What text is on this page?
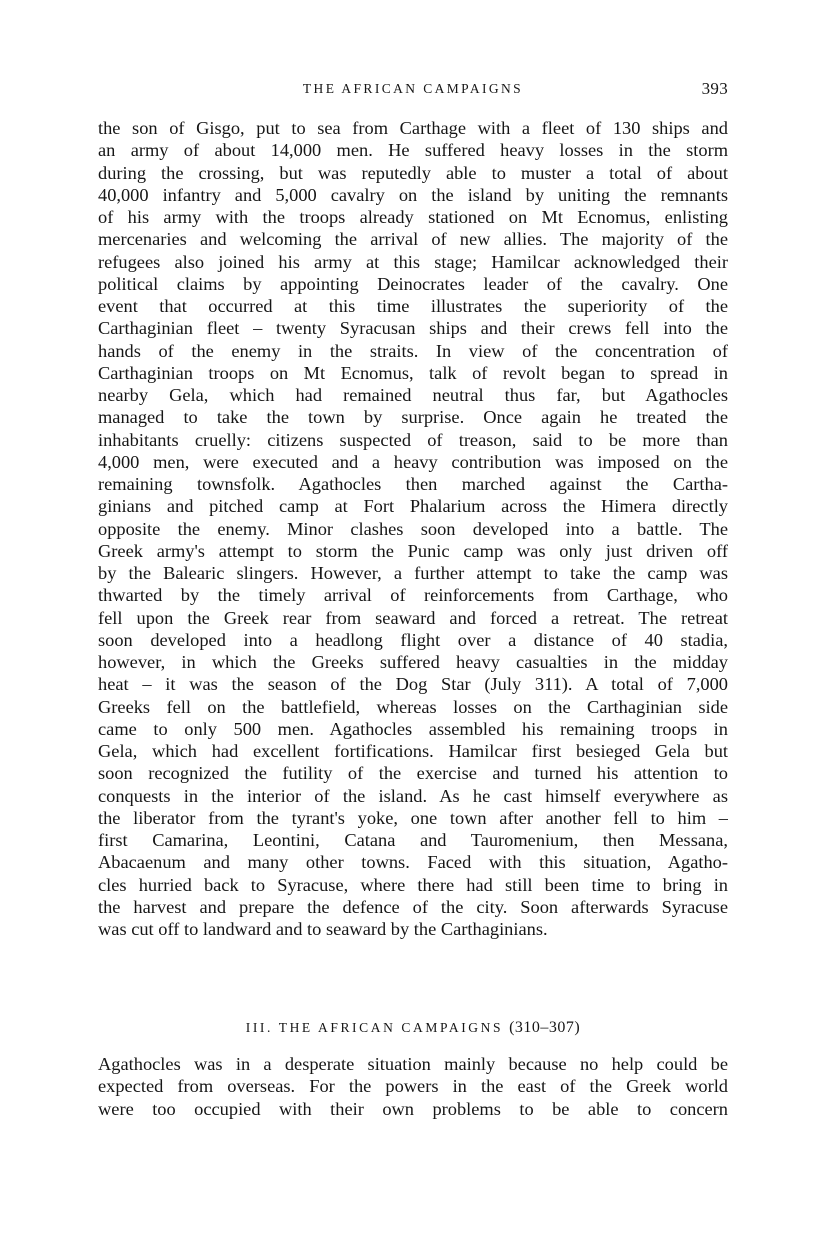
THE AFRICAN CAMPAIGNS	393
the son of Gisgo, put to sea from Carthage with a fleet of 130 ships and
an army of about 14,000 men. He suffered heavy losses in the storm
during the crossing, but was reputedly able to muster a total of about
40,000 infantry and 5,000 cavalry on the island by uniting the remnants
of his army with the troops already stationed on Mt Ecnomus, enlisting
mercenaries and welcoming the arrival of new allies. The majority of the
refugees also joined his army at this stage; Hamilcar acknowledged their
political claims by appointing Deinocrates leader of the cavalry. One
event that occurred at this time illustrates the superiority of the
Carthaginian fleet – twenty Syracusan ships and their crews fell into the
hands of the enemy in the straits. In view of the concentration of
Carthaginian troops on Mt Ecnomus, talk of revolt began to spread in
nearby Gela, which had remained neutral thus far, but Agathocles
managed to take the town by surprise. Once again he treated the
inhabitants cruelly: citizens suspected of treason, said to be more than
4,000 men, were executed and a heavy contribution was imposed on the
remaining townsfolk. Agathocles then marched against the Cartha-
ginians and pitched camp at Fort Phalarium across the Himera directly
opposite the enemy. Minor clashes soon developed into a battle. The
Greek army's attempt to storm the Punic camp was only just driven off
by the Balearic slingers. However, a further attempt to take the camp was
thwarted by the timely arrival of reinforcements from Carthage, who
fell upon the Greek rear from seaward and forced a retreat. The retreat
soon developed into a headlong flight over a distance of 40 stadia,
however, in which the Greeks suffered heavy casualties in the midday
heat – it was the season of the Dog Star (July 311). A total of 7,000
Greeks fell on the battlefield, whereas losses on the Carthaginian side
came to only 500 men. Agathocles assembled his remaining troops in
Gela, which had excellent fortifications. Hamilcar first besieged Gela but
soon recognized the futility of the exercise and turned his attention to
conquests in the interior of the island. As he cast himself everywhere as
the liberator from the tyrant's yoke, one town after another fell to him –
first Camarina, Leontini, Catana and Tauromenium, then Messana,
Abacaenum and many other towns. Faced with this situation, Agatho-
cles hurried back to Syracuse, where there had still been time to bring in
the harvest and prepare the defence of the city. Soon afterwards Syracuse
was cut off to landward and to seaward by the Carthaginians.
III. THE AFRICAN CAMPAIGNS (310–307)
Agathocles was in a desperate situation mainly because no help could be
expected from overseas. For the powers in the east of the Greek world
were too occupied with their own problems to be able to concern
